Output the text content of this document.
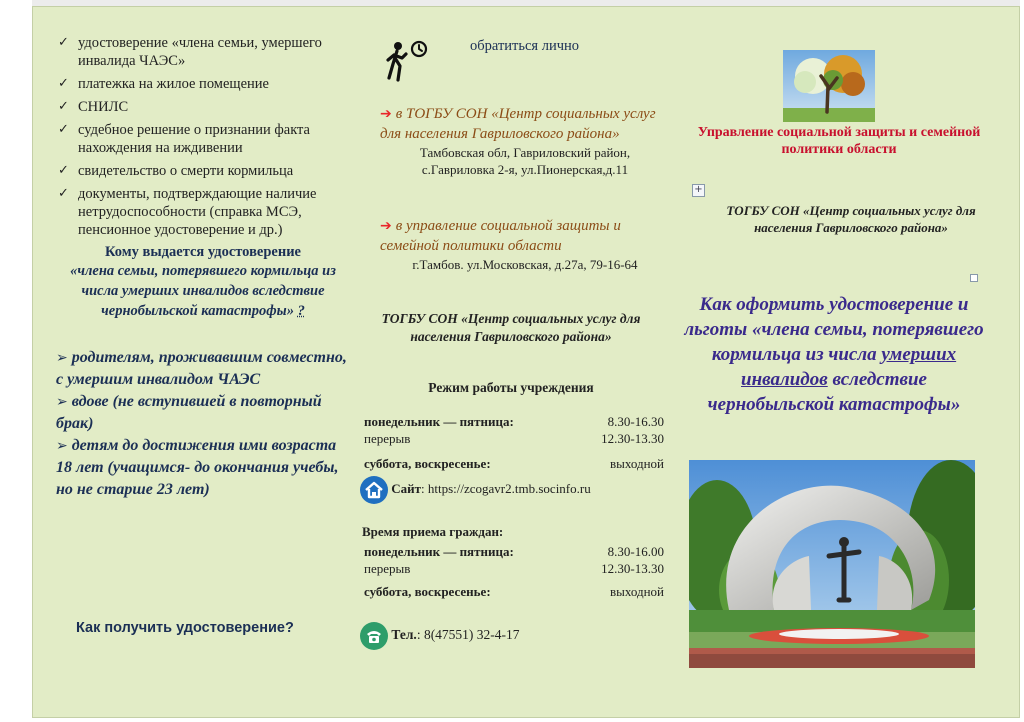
✓ удостоверение «члена семьи, умершего инвалида ЧАЭС»
✓ платежка на жилое помещение
✓ СНИЛС
✓ судебное решение о признании факта нахождения на иждивении
✓ свидетельство о смерти кормильца
✓ документы, подтверждающие наличие нетрудоспособности (справка МСЭ, пенсионное удостоверение и др.)
Кому выдается удостоверение
«члена семьи, потерявшего кормильца из числа умерших инвалидов вследствие чернобыльской катастрофы» ?

➢ родителям, проживавшим совместно, с умершим инвалидом ЧАЭС

➢ вдове (не вступившей в повторный брак)

➢ детям до достижения ими возраста 18 лет (учащимся- до окончания учебы, но не старше 23 лет)

Как получить удостоверение?
обратиться лично
➔ в ТОГБУ СОН «Центр социальных услуг для населения Гавриловского района»
Тамбовская обл, Гавриловский район,
с.Гавриловка 2-я, ул.Пионерская,д.11
➔ в управление социальной защиты и семейной политики области
г.Тамбов. ул.Московская, д.27а, 79-16-64
ТОГБУ СОН «Центр социальных услуг для населения Гавриловского района»
Режим работы учреждения
понедельник — пятница:	8.30-16.30
перерыв	12.30-13.30
суббота, воскресенье:	выходной
Сайт: https://zcogavr2.tmb.socinfo.ru
Время приема граждан:
понедельник — пятница:	8.30-16.00
перерыв	12.30-13.30
суббота, воскресенье:	выходной
Тел.: 8(47551) 32-4-17
Управление социальной защиты и семейной политики области
+
ТОГБУ СОН «Центр социальных услуг для населения Гавриловского района»
Как оформить удостоверение и льготы «члена семьи, потерявшего кормильца из числа умерших инвалидов вследствие чернобыльской катастрофы»
